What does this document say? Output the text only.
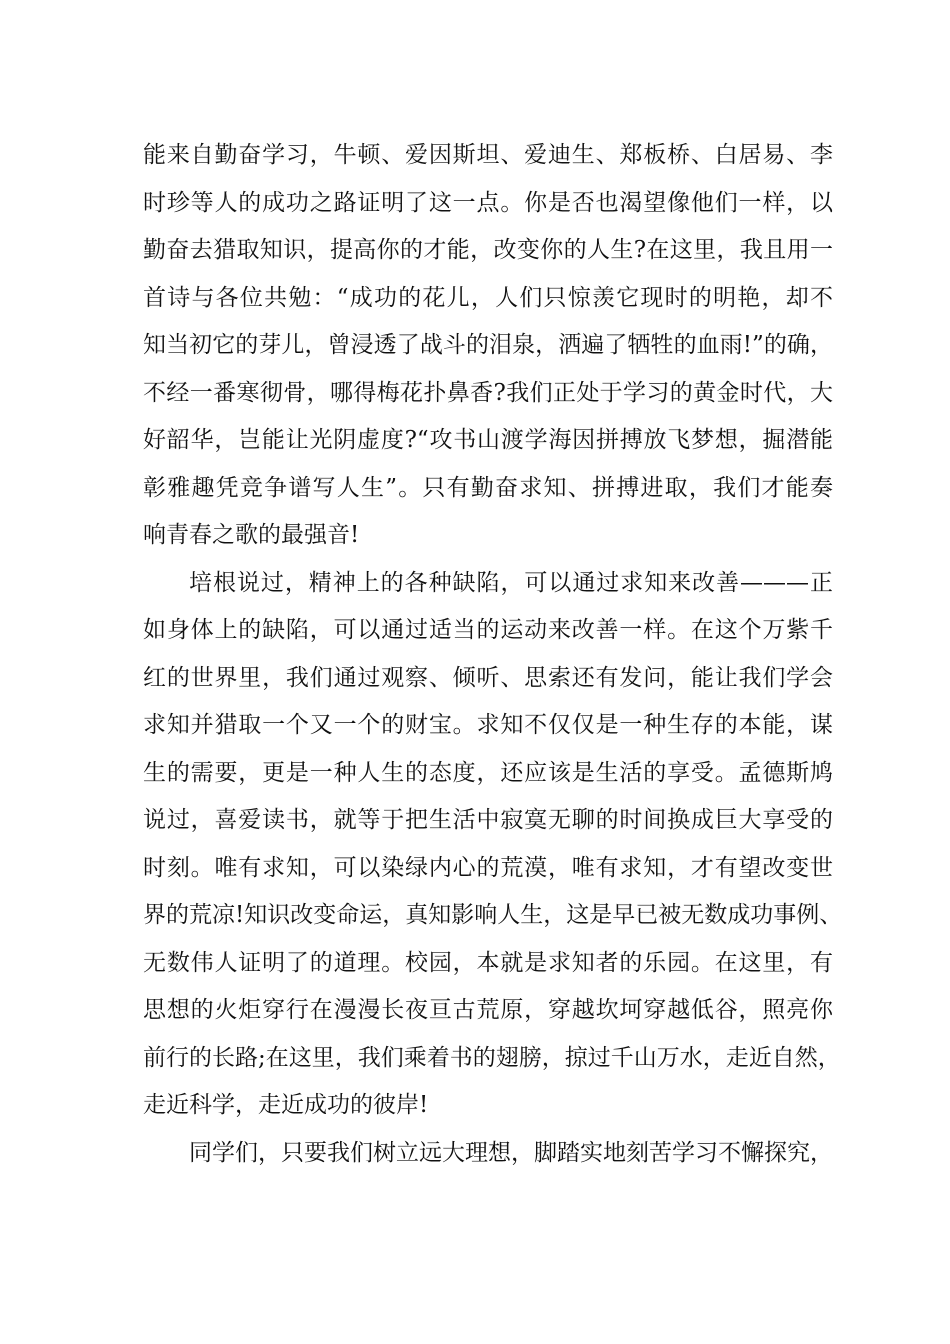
能来自勤奋学习，牛顿、爱因斯坦、爱迪生、郑板桥、白居易、李
时珍等人的成功之路证明了这一点。你是否也渴望像他们一样，以
勤奋去猎取知识，提高你的才能，改变你的人生?在这里，我且用一
首诗与各位共勉：“成功的花儿，人们只惊羡它现时的明艳，却不
知当初它的芽儿，曾浸透了战斗的泪泉，洒遍了牺牲的血雨!”的确，
不经一番寒彻骨，哪得梅花扑鼻香?我们正处于学习的黄金时代，大
好韶华，岂能让光阴虚度?“攻书山渡学海因拼搏放飞梦想，掘潜能
彰雅趣凭竞争谱写人生”。只有勤奋求知、拼搏进取，我们才能奏
响青春之歌的最强音!
培根说过，精神上的各种缺陷，可以通过求知来改善———正
如身体上的缺陷，可以通过适当的运动来改善一样。在这个万紫千
红的世界里，我们通过观察、倾听、思索还有发问，能让我们学会
求知并猎取一个又一个的财宝。求知不仅仅是一种生存的本能，谋
生的需要，更是一种人生的态度，还应该是生活的享受。孟德斯鸠
说过，喜爱读书，就等于把生活中寂寞无聊的时间换成巨大享受的
时刻。唯有求知，可以染绿内心的荒漠，唯有求知，才有望改变世
界的荒凉!知识改变命运，真知影响人生，这是早已被无数成功事例、
无数伟人证明了的道理。校园，本就是求知者的乐园。在这里，有
思想的火炬穿行在漫漫长夜亘古荒原，穿越坎坷穿越低谷，照亮你
前行的长路;在这里，我们乘着书的翅膀，掠过千山万水，走近自然，
走近科学，走近成功的彼岸!
同学们，只要我们树立远大理想，脚踏实地刻苦学习不懈探究，
